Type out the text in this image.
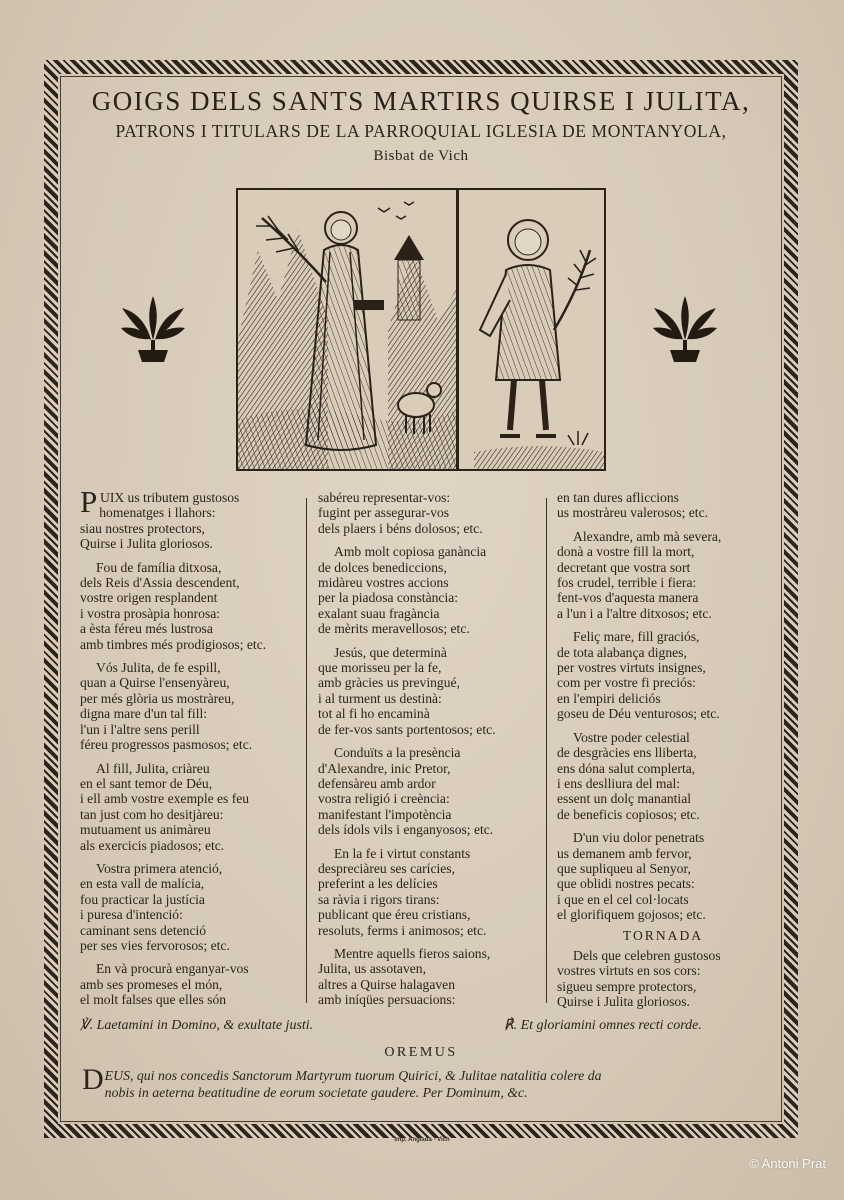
GOIGS DELS SANTS MARTIRS QUIRSE I JULITA,
PATRONS I TITULARS DE LA PARROQUIAL IGLESIA DE MONTANYOLA,
Bisbat de Vich
P UIX us tributem gustosos
homenatges i llahors:
siau nostres protectors,
Quirse i Julita gloriosos.
Fou de família ditxosa,
dels Reis d'Assia descendent,
vostre origen resplandent
i vostra prosàpia honrosa:
a èsta féreu més lustrosa
amb timbres més prodigiosos; etc.
Vós Julita, de fe espill,
quan a Quirse l'ensenyàreu,
per més glòria us mostràreu,
digna mare d'un tal fill:
l'un i l'altre sens perill
féreu progressos pasmosos; etc.
Al fill, Julita, criàreu
en el sant temor de Déu,
i ell amb vostre exemple es feu
tan just com ho desitjàreu:
mutuament us animàreu
als exercicis piadosos; etc.
Vostra primera atenció,
en esta vall de malícia,
fou practicar la justícia
i puresa d'intenció:
caminant sens detenció
per ses vies fervorosos; etc.
En và procurà enganyar-vos
amb ses promeses el món,
el molt falses que elles són
sabéreu representar-vos:
fugint per assegurar-vos
dels plaers i béns dolosos; etc.
Amb molt copiosa ganància
de dolces benediccions,
midàreu vostres accions
per la piadosa constància:
exalant suau fragància
de mèrits meravellosos; etc.
Jesús, que determinà
que morisseu per la fe,
amb gràcies us previngué,
i al turment us destinà:
tot al fi ho encaminà
de fer-vos sants portentosos; etc.
Conduïts a la presència
d'Alexandre, inic Pretor,
defensàreu amb ardor
vostra religió i creència:
manifestant l'impotència
dels ídols vils i enganyosos; etc.
En la fe i virtut constants
despreciàreu ses carícies,
preferint a les delícies
sa ràvia i rigors tirans:
publicant que éreu cristians,
resoluts, ferms i animosos; etc.
Mentre aquells fieros saions,
Julita, us assotaven,
altres a Quirse halagaven
amb iníqües persuacions:
en tan dures afliccions
us mostràreu valerosos; etc.
Alexandre, amb mà severa,
donà a vostre fill la mort,
decretant que vostra sort
fos crudel, terrible i fiera:
fent-vos d'aquesta manera
a l'un i a l'altre ditxosos; etc.
Feliç mare, fill graciós,
de tota alabança dignes,
per vostres virtuts insignes,
com per vostre fi preciós:
en l'empiri deliciós
goseu de Déu venturosos; etc.
Vostre poder celestial
de desgràcies ens lliberta,
ens dóna salut complerta,
i ens deslliura del mal:
essent un dolç manantial
de beneficis copiosos; etc.
D'un viu dolor penetrats
us demanem amb fervor,
que supliqueu al Senyor,
que oblidi nostres pecats:
i que en el cel col·locats
el glorifiquem gojosos; etc.
TORNADA
Dels que celebren gustosos
vostres virtuts en sos cors:
sigueu sempre protectors,
Quirse i Julita gloriosos.
℣. Laetamini in Domino, & exultate justi.	℟. Et gloriamini omnes recti corde.
OREMUS
D EUS, qui nos concedis Sanctorum Martyrum tuorum Quirici, & Julitae natalitia colere da
nobis in aeterna beatitudine de eorum societate gaudere. Per Dominum, &c.
Imp. Anglada - Vich
© Antoni Prat
